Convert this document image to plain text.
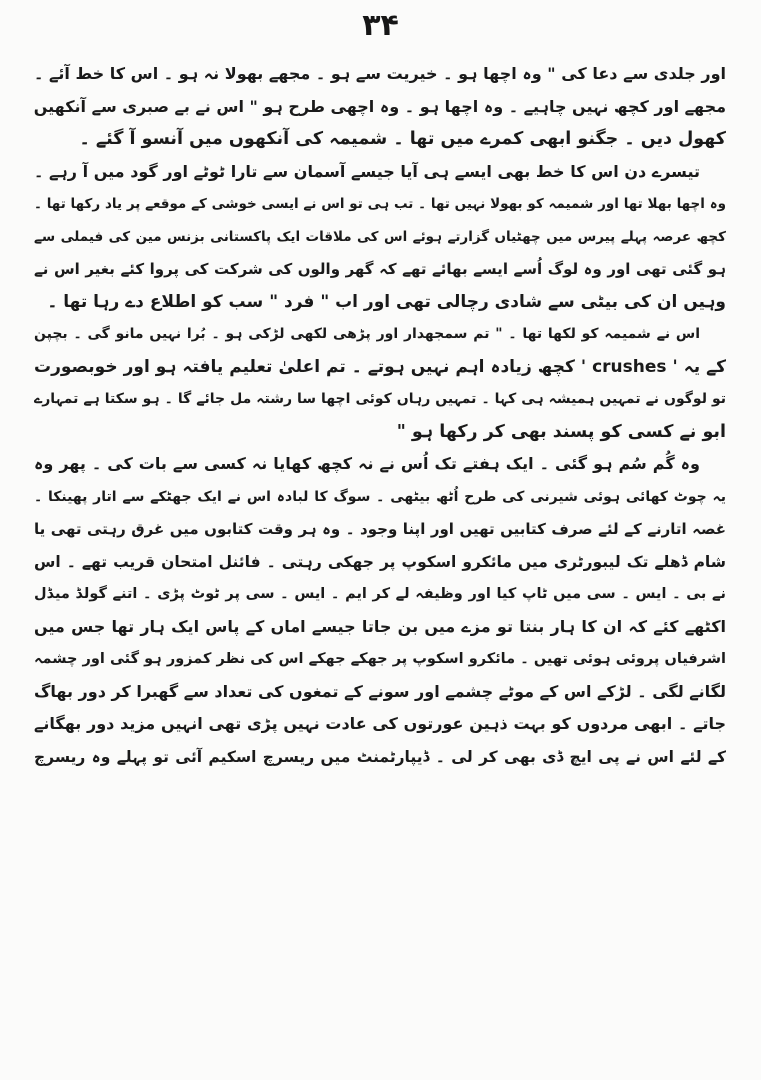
۳۴
اور جلدی سے دعا کی " وہ اچھا ہو ۔ خیریت سے ہو ۔ مجھے بھولا نہ ہو ۔ اس کا خط آئے ۔
مجھے اور کچھ نہیں چاہیے ۔ وہ اچھا ہو ۔ وہ اچھی طرح ہو " اس نے بے صبری سے آنکھیں
کھول دیں ۔ جگنو ابھی کمرے میں تھا ۔ شمیمہ کی آنکھوں میں آنسو آ گئے ۔
تیسرے دن اس کا خط بھی ایسے ہی آیا جیسے آسمان سے تارا ٹوٹے اور گود میں آ رہے ۔
وہ اچھا بھلا تھا اور شمیمہ کو بھولا نہیں تھا ۔ تب ہی تو اس نے ایسی خوشی کے موقعے پر یاد رکھا تھا ۔
کچھ عرصہ پہلے پیرس میں چھٹیاں گزارتے ہوئے اس کی ملاقات ایک پاکستانی بزنس مین کی فیملی سے
ہو گئی تھی اور وہ لوگ اُسے ایسے بھائے تھے کہ گھر والوں کی شرکت کی پروا کئے بغیر اس نے
وہیں ان کی بیٹی سے شادی رچالی تھی اور اب " فرد " سب کو اطلاع دے رہا تھا ۔
اس نے شمیمہ کو لکھا تھا ۔ " تم سمجھدار اور پڑھی لکھی لڑکی ہو ۔ بُرا نہیں مانو گی ۔ بچپن
کے یہ ' crushes ' کچھ زیادہ اہم نہیں ہوتے ۔ تم اعلیٰ تعلیم یافتہ ہو اور خوبصورت
تو لوگوں نے تمہیں ہمیشہ ہی کہا ۔ تمہیں رہاں کوئی اچھا سا رشتہ مل جائے گا ۔ ہو سکتا ہے تمہارے
ابو نے کسی کو پسند بھی کر رکھا ہو "
وہ گُم سُم ہو گئی ۔ ایک ہفتے تک اُس نے نہ کچھ کھایا نہ کسی سے بات کی ۔ پھر وہ
یہ چوٹ کھائی ہوئی شیرنی کی طرح اُٹھ بیٹھی ۔ سوگ کا لبادہ اس نے ایک جھٹکے سے اتار پھینکا ۔
غصہ اتارنے کے لئے صرف کتابیں تھیں اور اپنا وجود ۔ وہ ہر وقت کتابوں میں غرق رہتی تھی یا
شام ڈھلے تک لیبورٹری میں مائکرو اسکوپ پر جھکی رہتی ۔ فائنل امتحان قریب تھے ۔ اس
نے بی ۔ ایس ۔ سی میں ٹاپ کیا اور وظیفہ لے کر ایم ۔ ایس ۔ سی پر ٹوٹ پڑی ۔ اتنے گولڈ میڈل
اکٹھے کئے کہ ان کا ہار بنتا تو مزے میں بن جاتا جیسے اماں کے پاس ایک ہار تھا جس میں
اشرفیاں پروئی ہوئی تھیں ۔ مائکرو اسکوپ پر جھکے جھکے اس کی نظر کمزور ہو گئی اور چشمہ
لگانے لگی ۔ لڑکے اس کے موٹے چشمے اور سونے کے تمغوں کی تعداد سے گھبرا کر دور بھاگ
جاتے ۔ ابھی مردوں کو بہت ذہین عورتوں کی عادت نہیں پڑی تھی انہیں مزید دور بھگانے
کے لئے اس نے پی ایچ ڈی بھی کر لی ۔ ڈیپارٹمنٹ میں ریسرچ اسکیم آئی تو پہلے وہ ریسرچ
